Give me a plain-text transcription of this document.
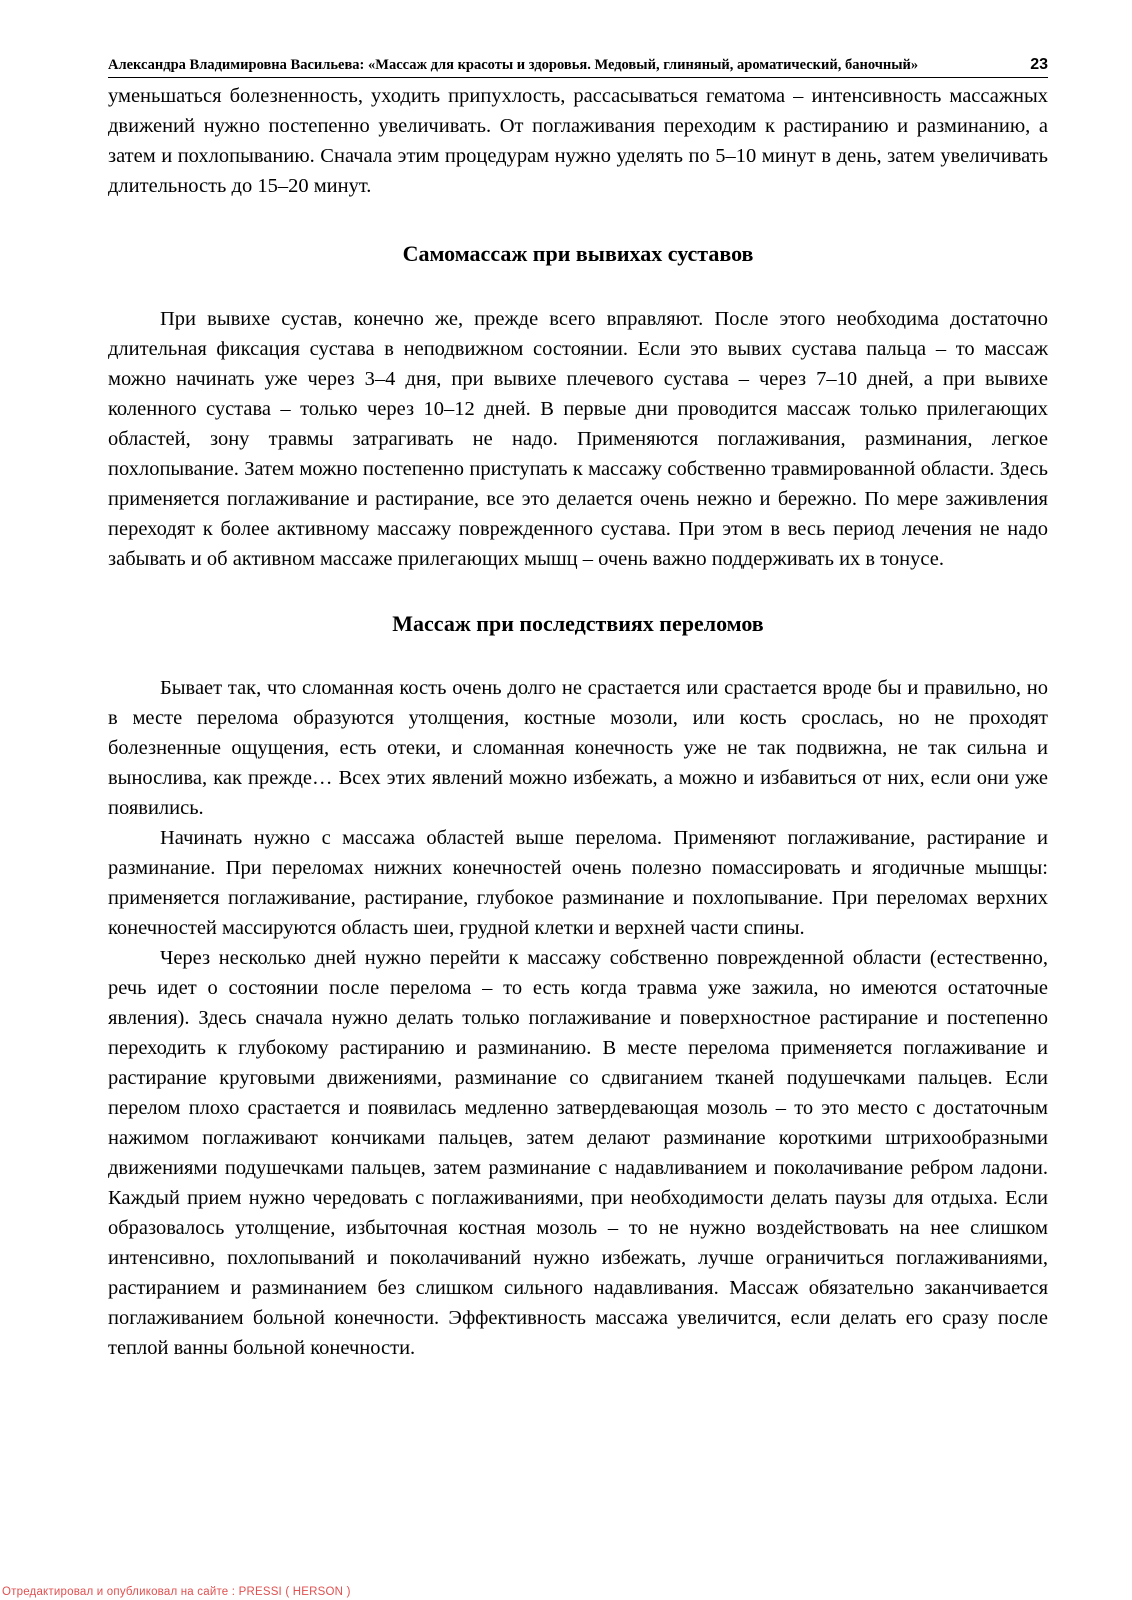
Александра Владимировна Васильева: «Массаж для красоты и здоровья. Медовый, глиняный, ароматический, баночный»	23

уменьшаться болезненность, уходить припухлость, рассасываться гематома – интенсивность массажных движений нужно постепенно увеличивать. От поглаживания переходим к растиранию и разминанию, а затем и похлопыванию. Сначала этим процедурам нужно уделять по 5–10 минут в день, затем увеличивать длительность до 15–20 минут.

Самомассаж при вывихах суставов

При вывихе сустав, конечно же, прежде всего вправляют. После этого необходима достаточно длительная фиксация сустава в неподвижном состоянии. Если это вывих сустава пальца – то массаж можно начинать уже через 3–4 дня, при вывихе плечевого сустава – через 7–10 дней, а при вывихе коленного сустава – только через 10–12 дней. В первые дни проводится массаж только прилегающих областей, зону травмы затрагивать не надо. Применяются поглаживания, разминания, легкое похлопывание. Затем можно постепенно приступать к массажу собственно травмированной области. Здесь применяется поглаживание и растирание, все это делается очень нежно и бережно. По мере заживления переходят к более активному массажу поврежденного сустава. При этом в весь период лечения не надо забывать и об активном массаже прилегающих мышц – очень важно поддерживать их в тонусе.

Массаж при последствиях переломов

Бывает так, что сломанная кость очень долго не срастается или срастается вроде бы и правильно, но в месте перелома образуются утолщения, костные мозоли, или кость срослась, но не проходят болезненные ощущения, есть отеки, и сломанная конечность уже не так подвижна, не так сильна и вынослива, как прежде… Всех этих явлений можно избежать, а можно и избавиться от них, если они уже появились.

Начинать нужно с массажа областей выше перелома. Применяют поглаживание, растирание и разминание. При переломах нижних конечностей очень полезно помассировать и ягодичные мышцы: применяется поглаживание, растирание, глубокое разминание и похлопывание. При переломах верхних конечностей массируются область шеи, грудной клетки и верхней части спины.

Через несколько дней нужно перейти к массажу собственно поврежденной области (естественно, речь идет о состоянии после перелома – то есть когда травма уже зажила, но имеются остаточные явления). Здесь сначала нужно делать только поглаживание и поверхностное растирание и постепенно переходить к глубокому растиранию и разминанию. В месте перелома применяется поглаживание и растирание круговыми движениями, разминание со сдвиганием тканей подушечками пальцев. Если перелом плохо срастается и появилась медленно затвердевающая мозоль – то это место с достаточным нажимом поглаживают кончиками пальцев, затем делают разминание короткими штрихообразными движениями подушечками пальцев, затем разминание с надавливанием и поколачивание ребром ладони. Каждый прием нужно чередовать с поглаживаниями, при необходимости делать паузы для отдыха. Если образовалось утолщение, избыточная костная мозоль – то не нужно воздействовать на нее слишком интенсивно, похлопываний и поколачиваний нужно избежать, лучше ограничиться поглаживаниями, растиранием и разминанием без слишком сильного надавливания. Массаж обязательно заканчивается поглаживанием больной конечности. Эффективность массажа увеличится, если делать его сразу после теплой ванны больной конечности.

Отредактировал и опубликовал на сайте : PRESSI ( HERSON )
